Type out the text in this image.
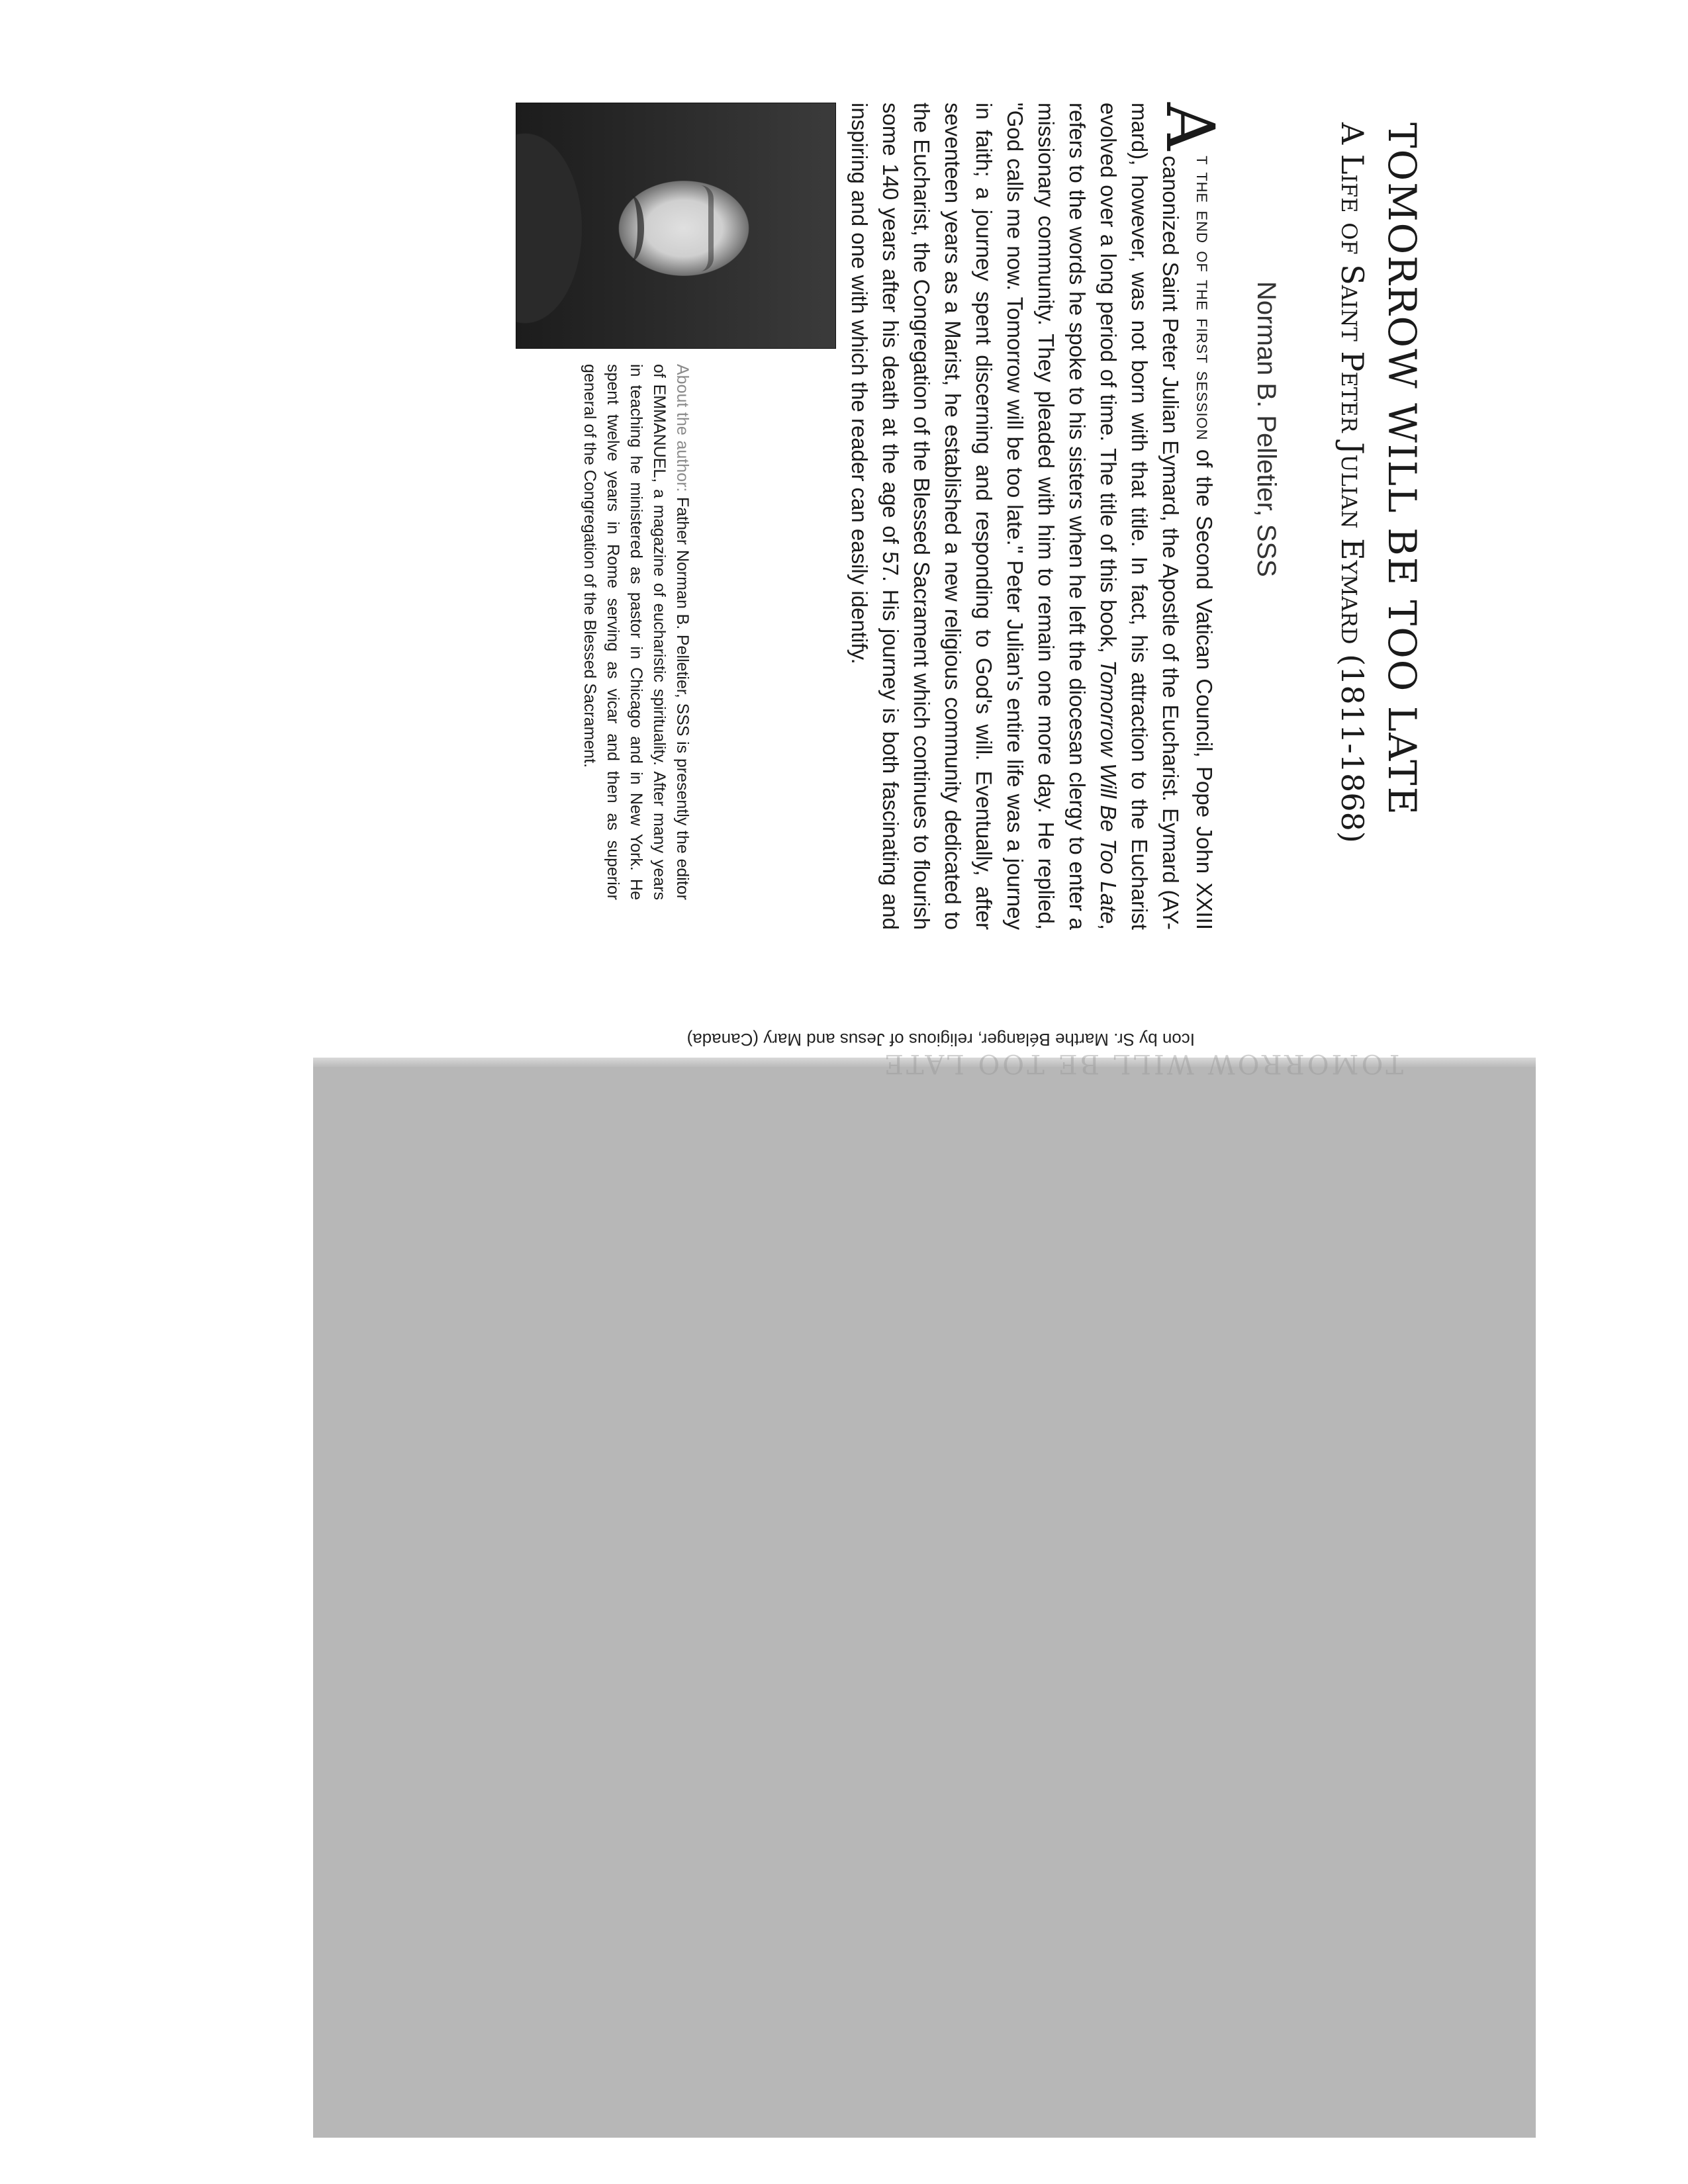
TOMORROW WILL BE TOO LATE
Icon by Sr. Marthe Bélanger, religious of Jesus and Mary (Canada)
TOMORROW WILL BE TOO LATE
A Life of Saint Peter Julian Eymard (1811-1868)
Norman B. Pelletier, SSS

A
T THE END OF THE FIRST SESSION of the Second Vatican Council, Pope John XXIII canonized Saint Peter Julian Eymard, the Apostle of the Eucharist. Eymard (AY-mard), however, was not born with that title. In fact, his attraction to the Eucharist evolved over a long period of time. The title of this book, Tomorrow Will Be Too Late, refers to the words he spoke to his sisters when he left the diocesan clergy to enter a missionary community. They pleaded with him to remain one more day. He replied, "God calls me now. Tomorrow will be too late." Peter Julian's entire life was a journey in faith; a journey spent discerning and responding to God's will. Eventually, after seventeen years as a Marist, he established a new religious community dedicated to the Eucharist, the Congregation of the Blessed Sacrament which continues to flourish some 140 years after his death at the age of 57. His journey is both fascinating and inspiring and one with which the reader can easily identify.

About the author: Father Norman B. Pelletier, SSS is presently the editor of EMMANUEL, a magazine of eucharistic spirituality. After many years in teaching he ministered as pastor in Chicago and in New York. He spent twelve years in Rome serving as vicar and then as superior general of the Congregation of the Blessed Sacrament.
